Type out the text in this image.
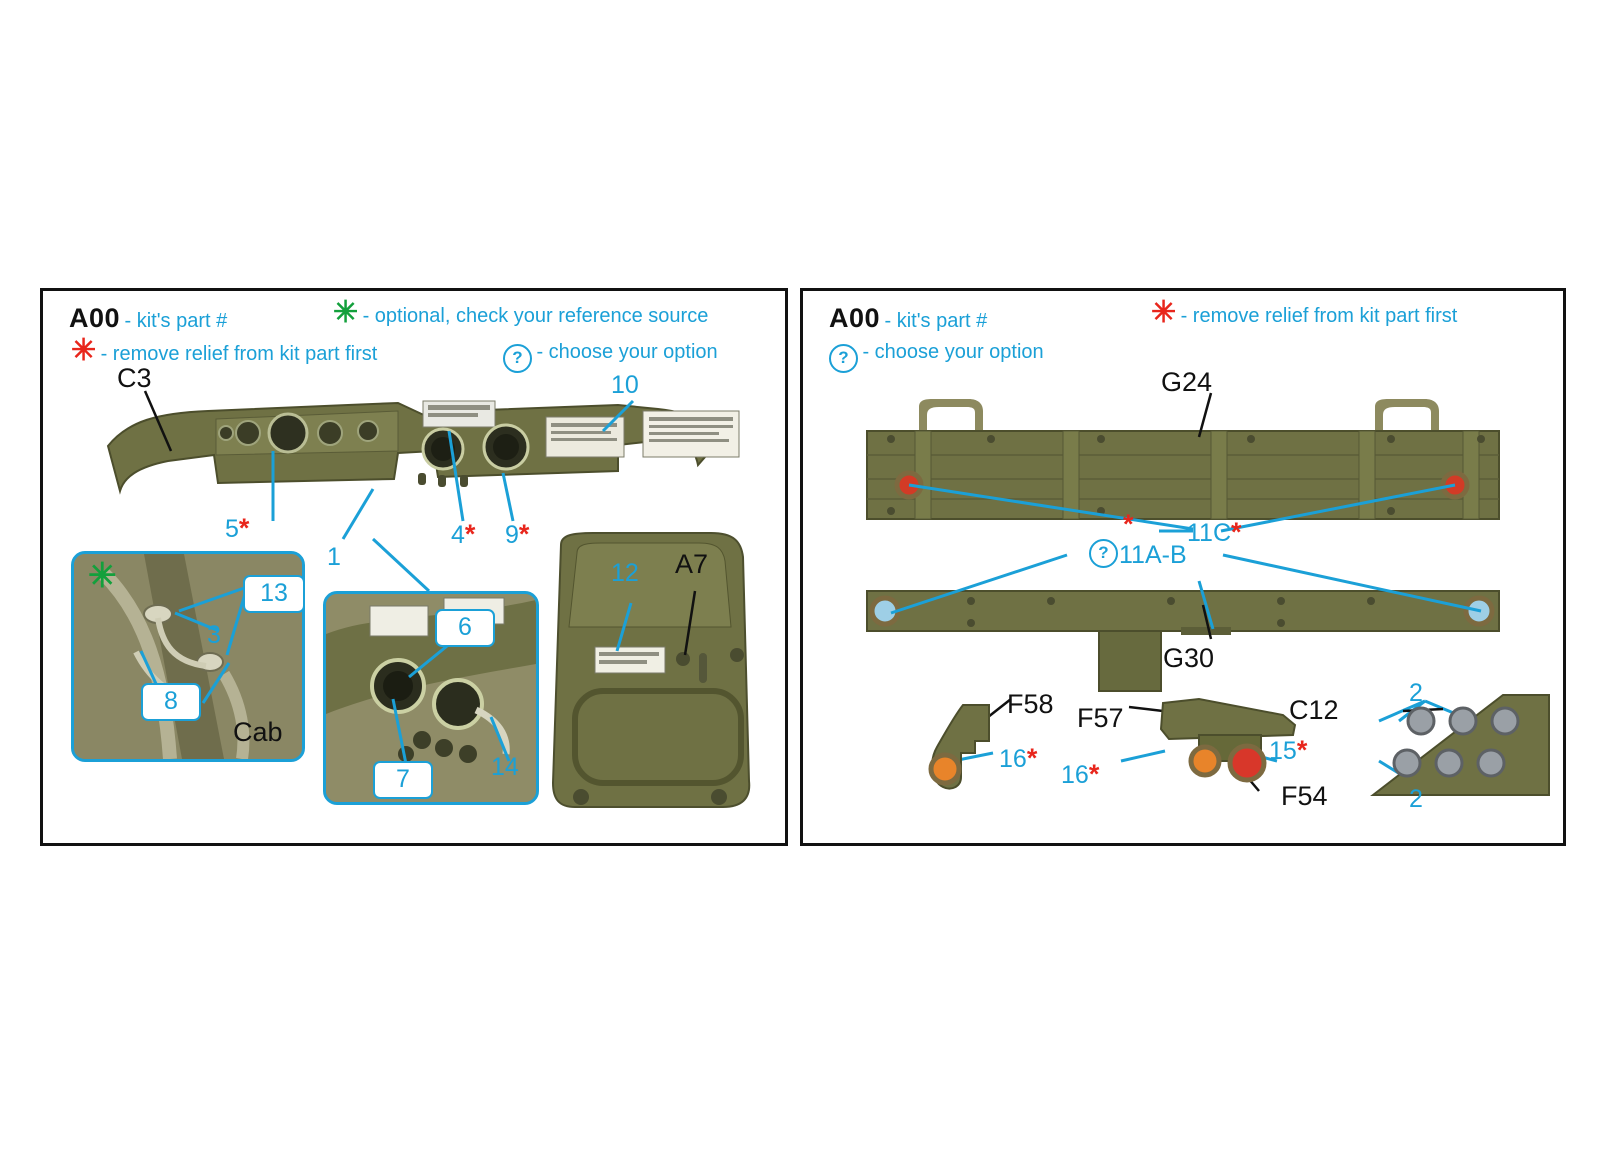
A00 - kit's part #	✳ - optional, check your reference source
✳ - remove relief from kit part first	? - choose your option
C3	10
5*
1
4* 9*
13
3
8
Cab
6
7	14
12 A7
A00 - kit's part #	✳ - remove relief from kit part first
? - choose your option
G24
11C*
? 11A-B
*
G30
F58
16*
F57
F54
16*
15*
2
C12
2
